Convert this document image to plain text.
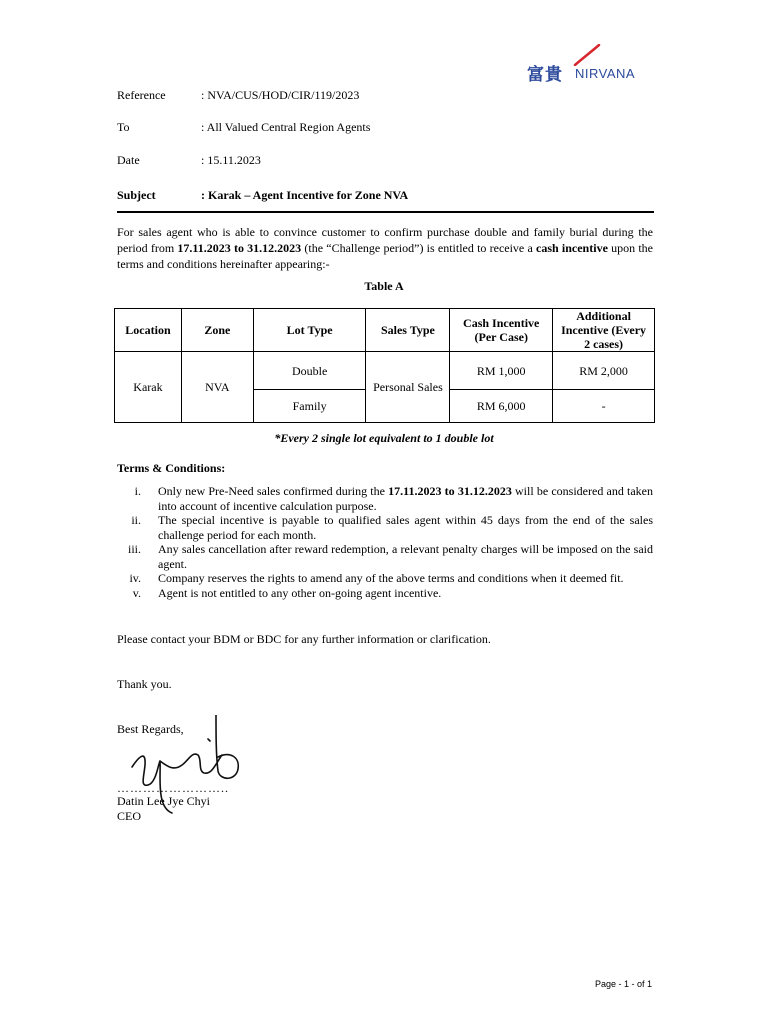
富貴 NIRVANA
Reference	: NVA/CUS/HOD/CIR/119/2023
To	: All Valued Central Region Agents
Date	: 15.11.2023
Subject	: Karak – Agent Incentive for Zone NVA
For sales agent who is able to convince customer to confirm purchase double and family burial during the period from 17.11.2023 to 31.12.2023 (the “Challenge period”) is entitled to receive a cash incentive upon the terms and conditions hereinafter appearing:-
Table A
Location	Zone	Lot Type	Sales Type	Cash Incentive (Per Case)	Additional Incentive (Every 2 cases)
Karak	NVA	Double	Personal Sales	RM 1,000	RM 2,000
		Family		RM 6,000	-
*Every 2 single lot equivalent to 1 double lot
Terms & Conditions:
i. Only new Pre-Need sales confirmed during the 17.11.2023 to 31.12.2023 will be considered and taken into account of incentive calculation purpose.
ii. The special incentive is payable to qualified sales agent within 45 days from the end of the sales challenge period for each month.
iii. Any sales cancellation after reward redemption, a relevant penalty charges will be imposed on the said agent.
iv. Company reserves the rights to amend any of the above terms and conditions when it deemed fit.
v. Agent is not entitled to any other on-going agent incentive.
Please contact your BDM or BDC for any further information or clarification.
Thank you.
Best Regards,
……………………..
Datin Lee Jye Chyi
CEO
Page - 1 - of 1
